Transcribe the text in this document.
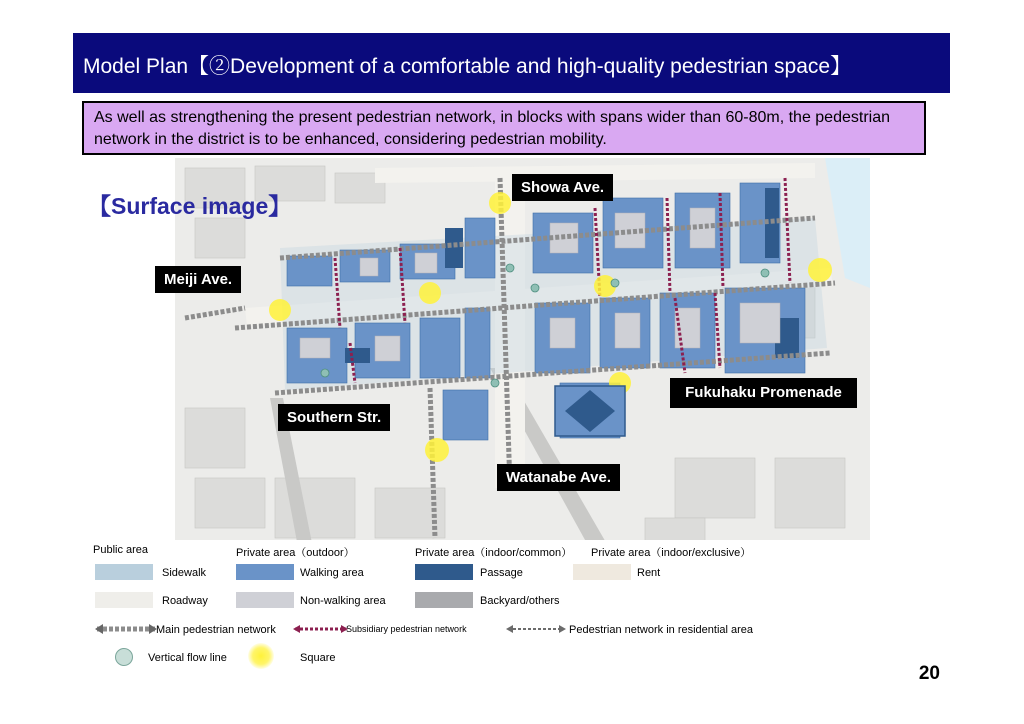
Model Plan【②Development of a comfortable and high-quality pedestrian space】
As well as strengthening the present pedestrian network, in blocks with spans wider than 60-80m, the pedestrian network in the district is to be enhanced, considering pedestrian mobility.
【Surface image】
Showa Ave.
Meiji Ave.
Southern Str.
Fukuhaku Promenade
Watanabe Ave.
Public area	Private area（outdoor）	Private area（indoor/common） Private area（indoor/exclusive）
Sidewalk	Walking area	Passage	Rent
Roadway	Non-walking area	Backyard/others
Main pedestrian network	Subsidiary pedestrian network	Pedestrian network in residential area
Vertical flow line	Square
20
